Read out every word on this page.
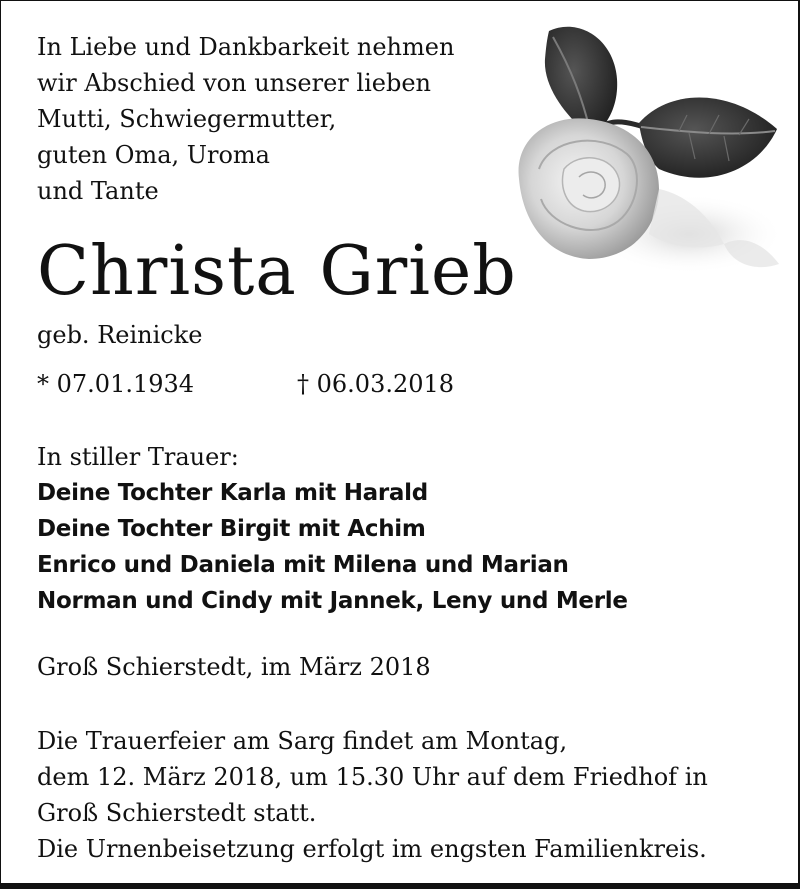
In Liebe und Dankbarkeit nehmen
wir Abschied von unserer lieben
Mutti, Schwiegermutter,
guten Oma, Uroma
und Tante
Christa Grieb
geb. Reinicke
* 07.01.1934	† 06.03.2018
In stiller Trauer:
Deine Tochter Karla mit Harald
Deine Tochter Birgit mit Achim
Enrico und Daniela mit Milena und Marian
Norman und Cindy mit Jannek, Leny und Merle
Groß Schierstedt, im März 2018
Die Trauerfeier am Sarg findet am Montag,
dem 12. März 2018, um 15.30 Uhr auf dem Friedhof in
Groß Schierstedt statt.
Die Urnenbeisetzung erfolgt im engsten Familienkreis.
